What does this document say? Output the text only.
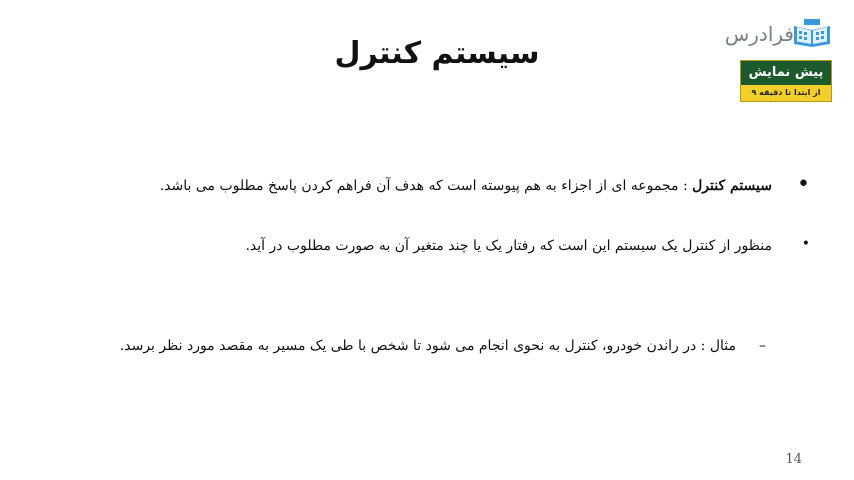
فرادرس
پیش نمایش
از ابتدا تا دقیقه ۹
سیستم کنترل
•
سیستم کنترل : مجموعه ای از اجزاء به هم پیوسته است که هدف آن فراهم کردن پاسخ مطلوب می باشد.
•
منظور از کنترل یک سیستم این است که رفتار یک یا چند متغیر آن به صورت مطلوب در آید.
–
مثال : در راندن خودرو، کنترل به نحوی انجام می شود تا شخص با طی یک مسیر به مقصد مورد نظر برسد.
14
